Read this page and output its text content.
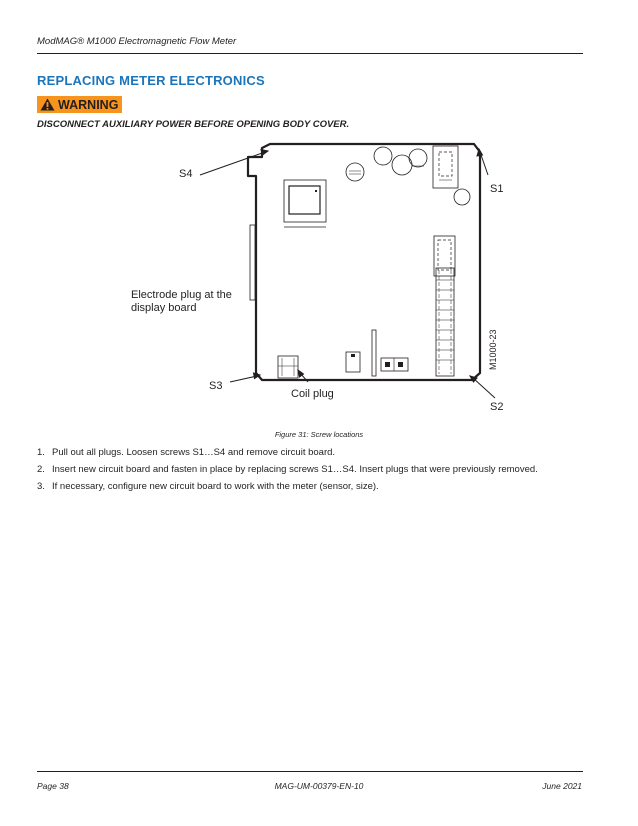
ModMAG® M1000 Electromagnetic Flow Meter
REPLACING METER ELECTRONICS
WARNING
DISCONNECT AUXILIARY POWER BEFORE OPENING BODY COVER.
S4
S1
S2
S3
Electrode plug at the
display board
Coil plug
M1000-23
Figure 31: Screw locations
1. Pull out all plugs. Loosen screws S1…S4 and remove circuit board.
2. Insert new circuit board and fasten in place by replacing screws S1…S4. Insert plugs that were previously removed.
3. If necessary, configure new circuit board to work with the meter (sensor, size).
Page 38	MAG-UM-00379-EN-10	June 2021
